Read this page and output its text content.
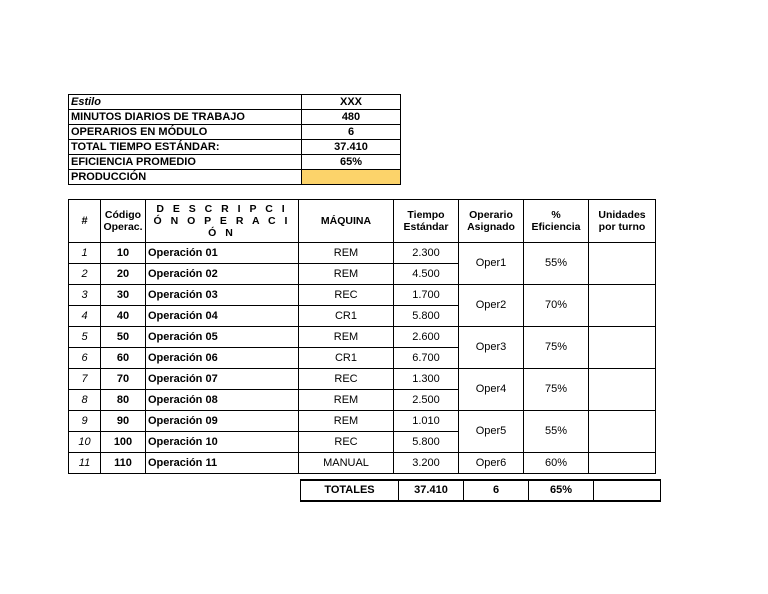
Estilo	XXX
MINUTOS DIARIOS DE TRABAJO	480
OPERARIOS EN MÓDULO	6
TOTAL TIEMPO ESTÁNDAR:	37.410
EFICIENCIA PROMEDIO	65%
PRODUCCIÓN	
#	Código Operac.	D E S C R I P C I Ó N O P E R A C I Ó N	MÁQUINA	Tiempo Estándar	Operario Asignado	% Eficiencia	Unidades por turno
1	10	Operación 01	REM	2.300	Oper1	55%	
2	20	Operación 02	REM	4.500			
3	30	Operación 03	REC	1.700	Oper2	70%	
4	40	Operación 04	CR1	5.800			
5	50	Operación 05	REM	2.600	Oper3	75%	
6	60	Operación 06	CR1	6.700			
7	70	Operación 07	REC	1.300	Oper4	75%	
8	80	Operación 08	REM	2.500			
9	90	Operación 09	REM	1.010	Oper5	55%	
10	100	Operación 10	REC	5.800			
11	110	Operación 11	MANUAL	3.200	Oper6	60%	
TOTALES	37.410	6	65%	
